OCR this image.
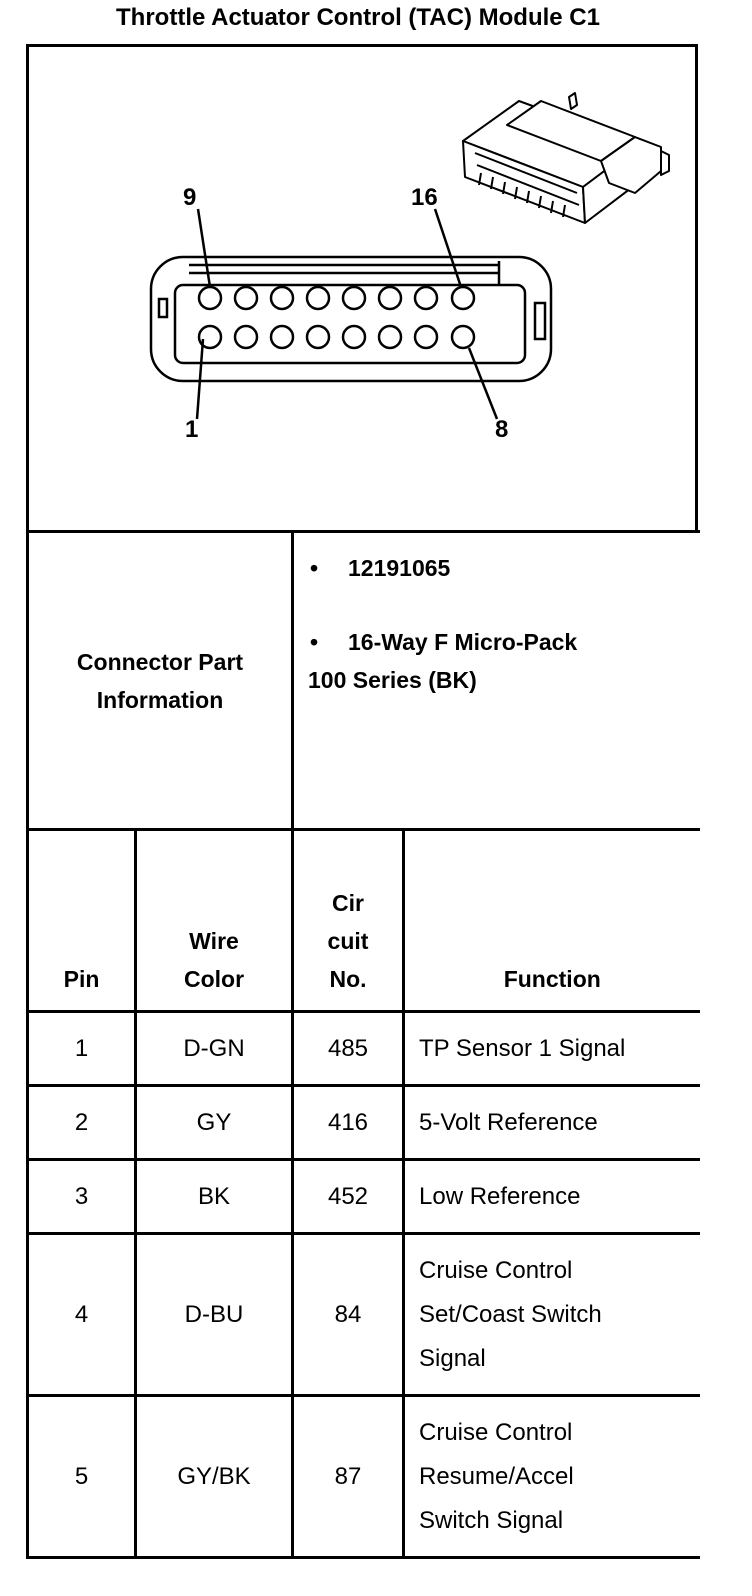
Throttle Actuator Control (TAC) Module C1
9	16
1	8
Connector Part Information		• 12191065
• 16-Way F Micro-Pack
100 Series (BK)	

Pin	Wire Color	Cir cuit No.	Function
1	D-GN	485	TP Sensor 1 Signal
2	GY	416	5-Volt Reference
3	BK	452	Low Reference
4	D-BU	84	Cruise Control Set/Coast Switch Signal
5	GY/BK	87	Cruise Control Resume/Accel Switch Signal
